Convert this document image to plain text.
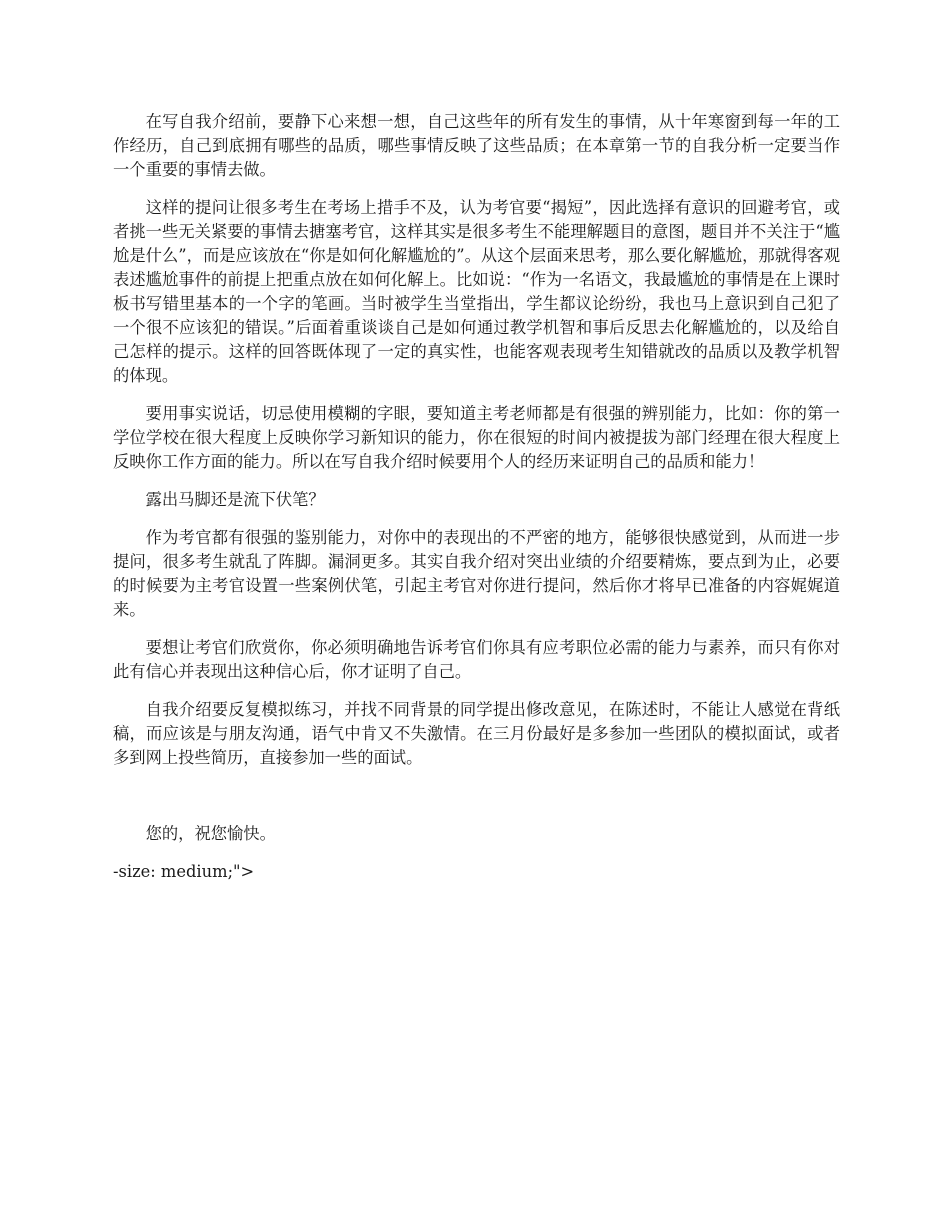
在写自我介绍前，要静下心来想一想，自己这些年的所有发生的事情，从十年寒窗到每一年的工作经历，自己到底拥有哪些的品质，哪些事情反映了这些品质；在本章第一节的自我分析一定要当作一个重要的事情去做。

这样的提问让很多考生在考场上措手不及，认为考官要“揭短”，因此选择有意识的回避考官，或者挑一些无关紧要的事情去搪塞考官，这样其实是很多考生不能理解题目的意图，题目并不关注于“尴尬是什么”，而是应该放在“你是如何化解尴尬的”。从这个层面来思考，那么要化解尴尬，那就得客观表述尴尬事件的前提上把重点放在如何化解上。比如说：“作为一名语文，我最尴尬的事情是在上课时板书写错里基本的一个字的笔画。当时被学生当堂指出，学生都议论纷纷，我也马上意识到自己犯了一个很不应该犯的错误。”后面着重谈谈自己是如何通过教学机智和事后反思去化解尴尬的，以及给自己怎样的提示。这样的回答既体现了一定的真实性，也能客观表现考生知错就改的品质以及教学机智的体现。

要用事实说话，切忌使用模糊的字眼，要知道主考老师都是有很强的辨别能力，比如：你的第一学位学校在很大程度上反映你学习新知识的能力，你在很短的时间内被提拔为部门经理在很大程度上反映你工作方面的能力。所以在写自我介绍时候要用个人的经历来证明自己的品质和能力！

露出马脚还是流下伏笔？

作为考官都有很强的鉴别能力，对你中的表现出的不严密的地方，能够很快感觉到，从而进一步提问，很多考生就乱了阵脚。漏洞更多。其实自我介绍对突出业绩的介绍要精炼，要点到为止，必要的时候要为主考官设置一些案例伏笔，引起主考官对你进行提问，然后你才将早已准备的内容娓娓道来。

要想让考官们欣赏你，你必须明确地告诉考官们你具有应考职位必需的能力与素养，而只有你对此有信心并表现出这种信心后，你才证明了自己。

自我介绍要反复模拟练习，并找不同背景的同学提出修改意见，在陈述时，不能让人感觉在背纸稿，而应该是与朋友沟通，语气中肯又不失激情。在三月份最好是多参加一些团队的模拟面试，或者多到网上投些简历，直接参加一些的面试。

您的，祝您愉快。

-size: medium;">
